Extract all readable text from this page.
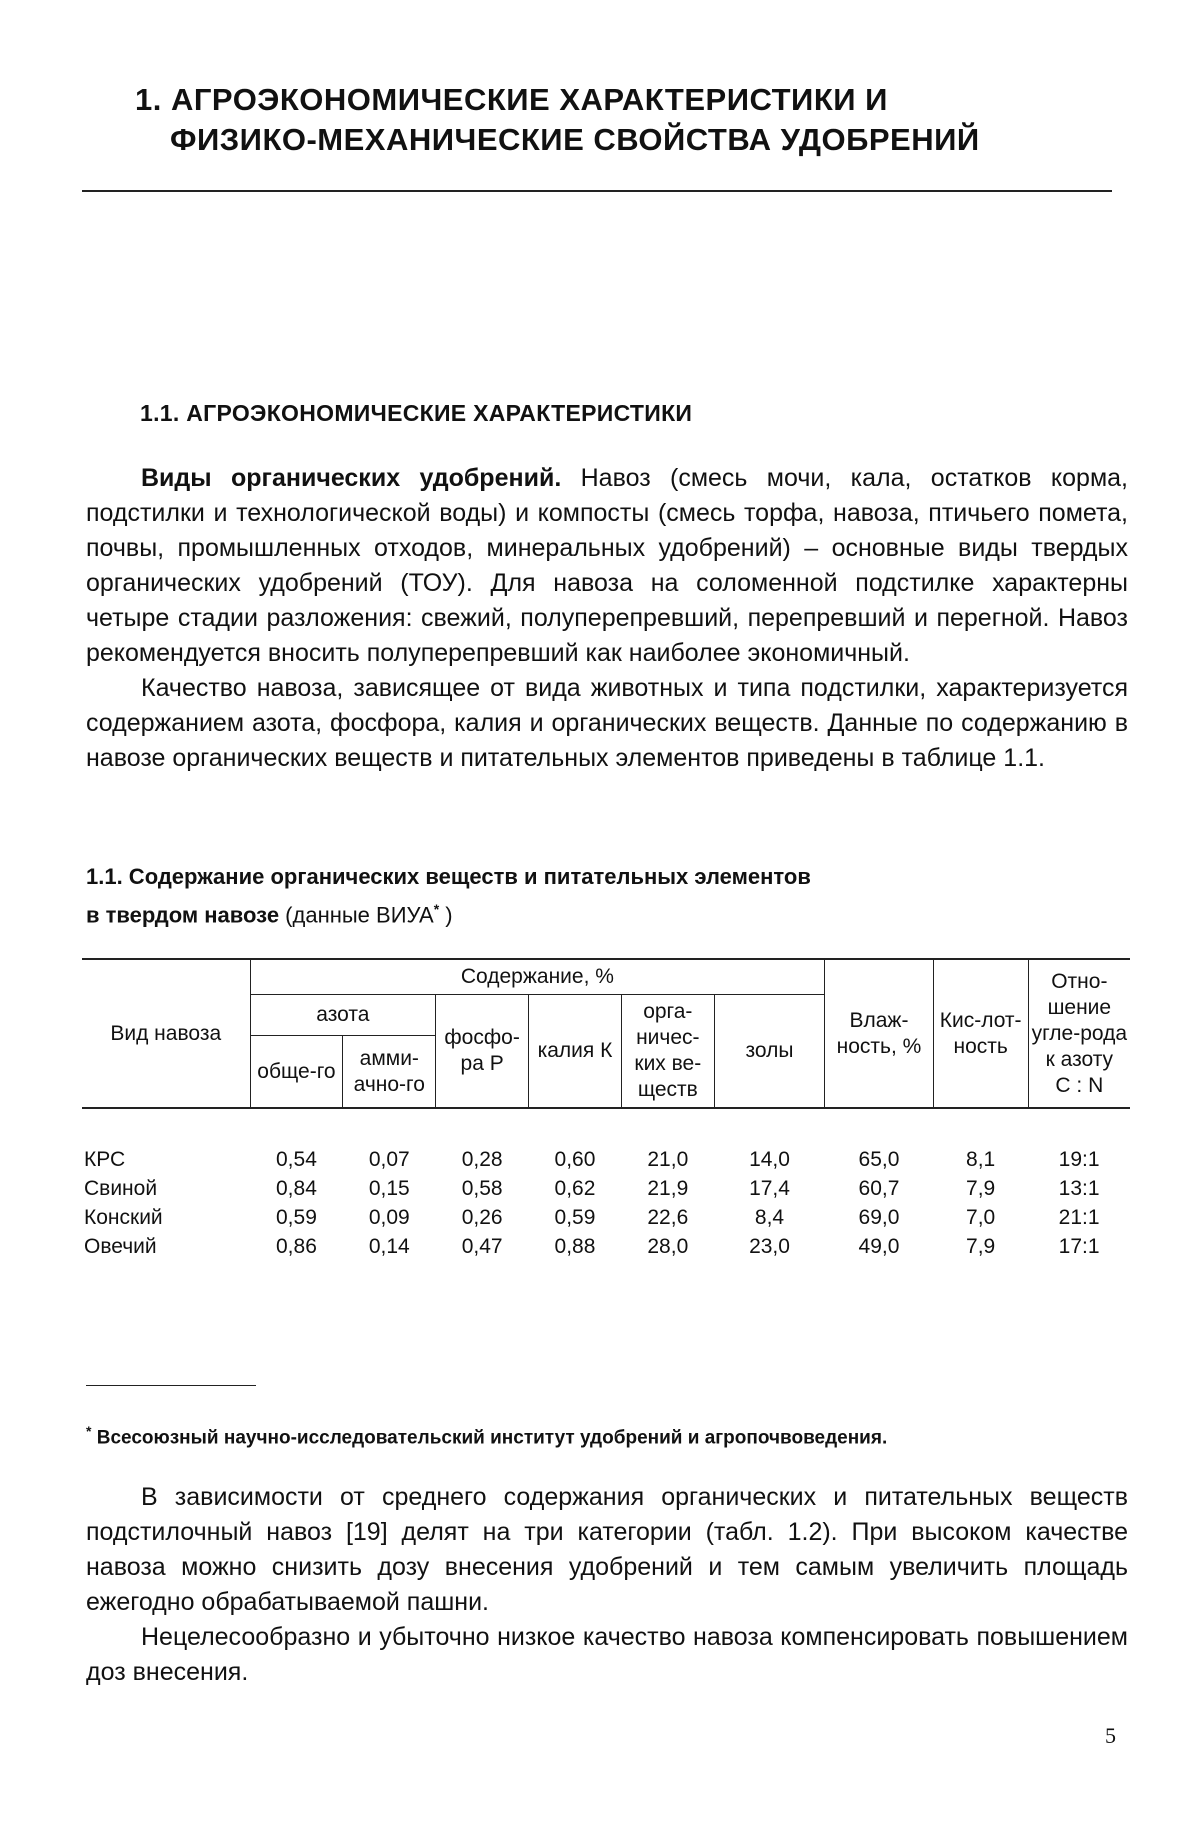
1. АГРОЭКОНОМИЧЕСКИЕ ХАРАКТЕРИСТИКИ И
ФИЗИКО-МЕХАНИЧЕСКИЕ СВОЙСТВА УДОБРЕНИЙ
1.1. АГРОЭКОНОМИЧЕСКИЕ ХАРАКТЕРИСТИКИ

Виды органических удобрений. Навоз (смесь мочи, кала, остатков корма, подстилки и технологической воды) и компосты (смесь торфа, навоза, птичьего помета, почвы, промышленных отходов, минеральных удобрений) – основные виды твердых органических удобрений (ТОУ). Для навоза на соломенной подстилке характерны четыре стадии разложения: свежий, полуперепревший, перепревший и перегной. Навоз рекомендуется вносить полуперепревший как наиболее экономичный.

Качество навоза, зависящее от вида животных и типа подстилки, характеризуется содержанием азота, фосфора, калия и органических веществ. Данные по содержанию в навозе органических веществ и питательных элементов приведены в таблице 1.1.

1.1. Содержание органических веществ и питательных элементов
в твердом навозе (данные ВИУА* )
Вид навоза	Содержание, %						Влаж-ность, %	Кис-лот-ность	Отно-шение угле-рода к азоту
С : N
	азота		фосфо-ра Р	калия К	орга-ничес-ких ве-ществ	золы			
	обще-го	амми-ачно-го							
КРС	0,54	0,07	0,28	0,60	21,0	14,0	65,0	8,1	19:1
Свиной	0,84	0,15	0,58	0,62	21,9	17,4	60,7	7,9	13:1
Конский	0,59	0,09	0,26	0,59	22,6	8,4	69,0	7,0	21:1
Овечий	0,86	0,14	0,47	0,88	28,0	23,0	49,0	7,9	17:1
* Всесоюзный научно-исследовательский институт удобрений и агропочвоведения.

В зависимости от среднего содержания органических и питательных веществ подстилочный навоз [19] делят на три категории (табл. 1.2). При высоком качестве навоза можно снизить дозу внесения удобрений и тем самым увеличить площадь ежегодно обрабатываемой пашни.

Нецелесообразно и убыточно низкое качество навоза компенсировать повышением доз внесения.

5
